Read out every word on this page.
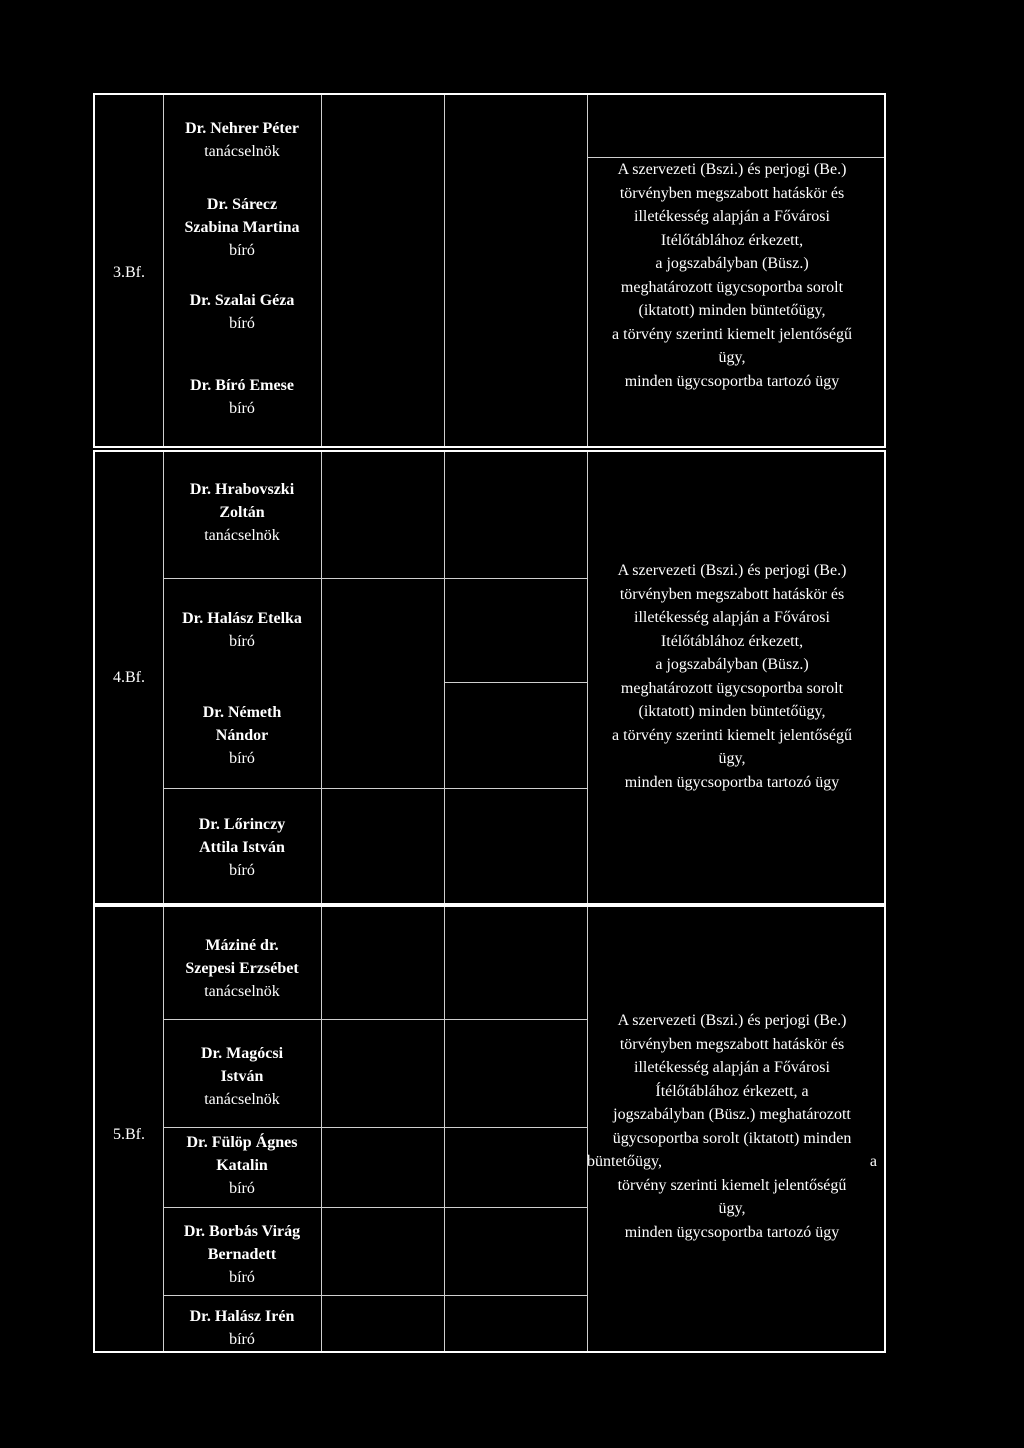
3.Bf.
Dr. Nehrer Péter
tanácselnök
Dr. Sárecz
Szabina Martina
bíró
Dr. Szalai Géza
bíró
Dr. Bíró Emese
bíró
A szervezeti (Bszi.) és perjogi (Be.)
törvényben megszabott hatáskör és
illetékesség alapján a Fővárosi
Itélőtáblához érkezett,
a jogszabályban (Büsz.)
meghatározott ügycsoportba sorolt
(iktatott) minden büntetőügy,
a törvény szerinti kiemelt jelentőségű
ügy,
minden ügycsoportba tartozó ügy
4.Bf.
Dr. Hrabovszki
Zoltán
tanácselnök
Dr. Halász Etelka
bíró
Dr. Németh
Nándor
bíró
Dr. Lőrinczy
Attila István
bíró
A szervezeti (Bszi.) és perjogi (Be.)
törvényben megszabott hatáskör és
illetékesség alapján a Fővárosi
Itélőtáblához érkezett,
a jogszabályban (Büsz.)
meghatározott ügycsoportba sorolt
(iktatott) minden büntetőügy,
a törvény szerinti kiemelt jelentőségű
ügy,
minden ügycsoportba tartozó ügy
5.Bf.
Máziné dr.
Szepesi Erzsébet
tanácselnök
Dr. Magócsi
István
tanácselnök
Dr. Fülöp Ágnes
Katalin
bíró
Dr. Borbás Virág
Bernadett
bíró
Dr. Halász Irén
bíró
A szervezeti (Bszi.) és perjogi (Be.)
törvényben megszabott hatáskör és
illetékesség alapján a Fővárosi
Ítélőtáblához érkezett, a
jogszabályban (Büsz.) meghatározott
ügycsoportba sorolt (iktatott) minden
büntetőügy,	a
törvény szerinti kiemelt jelentőségű
ügy,
minden ügycsoportba tartozó ügy
